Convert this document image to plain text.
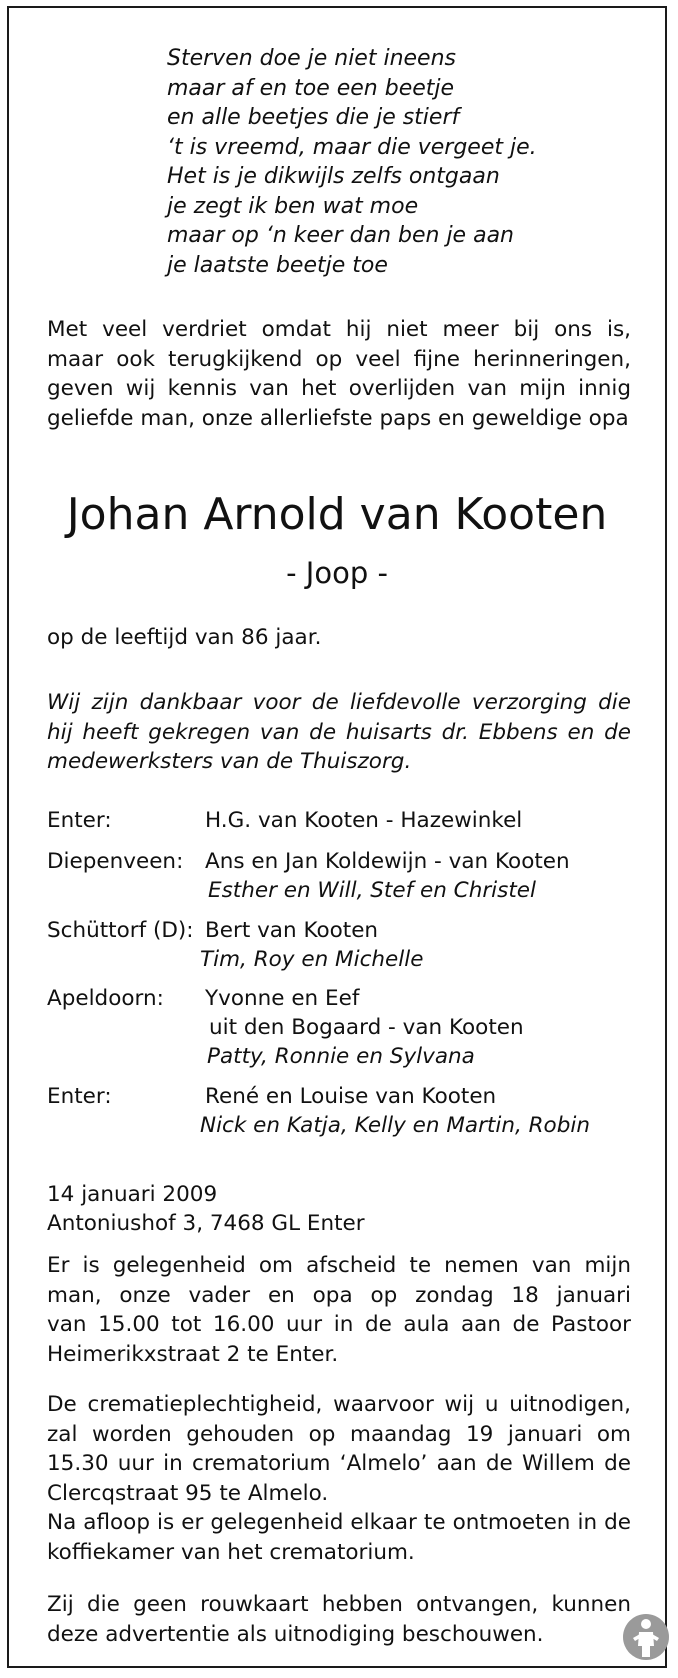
Sterven doe je niet ineens
maar af en toe een beetje
en alle beetjes die je stierf
‘t is vreemd, maar die vergeet je.
Het is je dikwijls zelfs ontgaan
je zegt ik ben wat moe
maar op ‘n keer dan ben je aan
je laatste beetje toe
Met veel verdriet omdat hij niet meer bij ons is,
maar ook terugkijkend op veel fijne herinneringen,
geven wij kennis van het overlijden van mijn innig
geliefde man, onze allerliefste paps en geweldige opa
Johan Arnold van Kooten
- Joop -
op de leeftijd van 86 jaar.
Wij zijn dankbaar voor de liefdevolle verzorging die
hij heeft gekregen van de huisarts dr. Ebbens en de
medewerksters van de Thuiszorg.
Enter:	H.G. van Kooten - Hazewinkel
Diepenveen: Ans en Jan Koldewijn - van Kooten
Esther en Will, Stef en Christel
Schüttorf (D): Bert van Kooten
Tim, Roy en Michelle
Apeldoorn: Yvonne en Eef
uit den Bogaard - van Kooten
Patty, Ronnie en Sylvana
Enter:	René en Louise van Kooten
Nick en Katja, Kelly en Martin, Robin
14 januari 2009
Antoniushof 3, 7468 GL Enter
Er is gelegenheid om afscheid te nemen van mijn
man, onze vader en opa op zondag 18 januari
van 15.00 tot 16.00 uur in de aula aan de Pastoor
Heimerikxstraat 2 te Enter.
De crematieplechtigheid, waarvoor wij u uitnodigen,
zal worden gehouden op maandag 19 januari om
15.30 uur in crematorium ‘Almelo’ aan de Willem de
Clercqstraat 95 te Almelo.
Na afloop is er gelegenheid elkaar te ontmoeten in de
koffiekamer van het crematorium.
Zij die geen rouwkaart hebben ontvangen, kunnen
deze advertentie als uitnodiging beschouwen.
